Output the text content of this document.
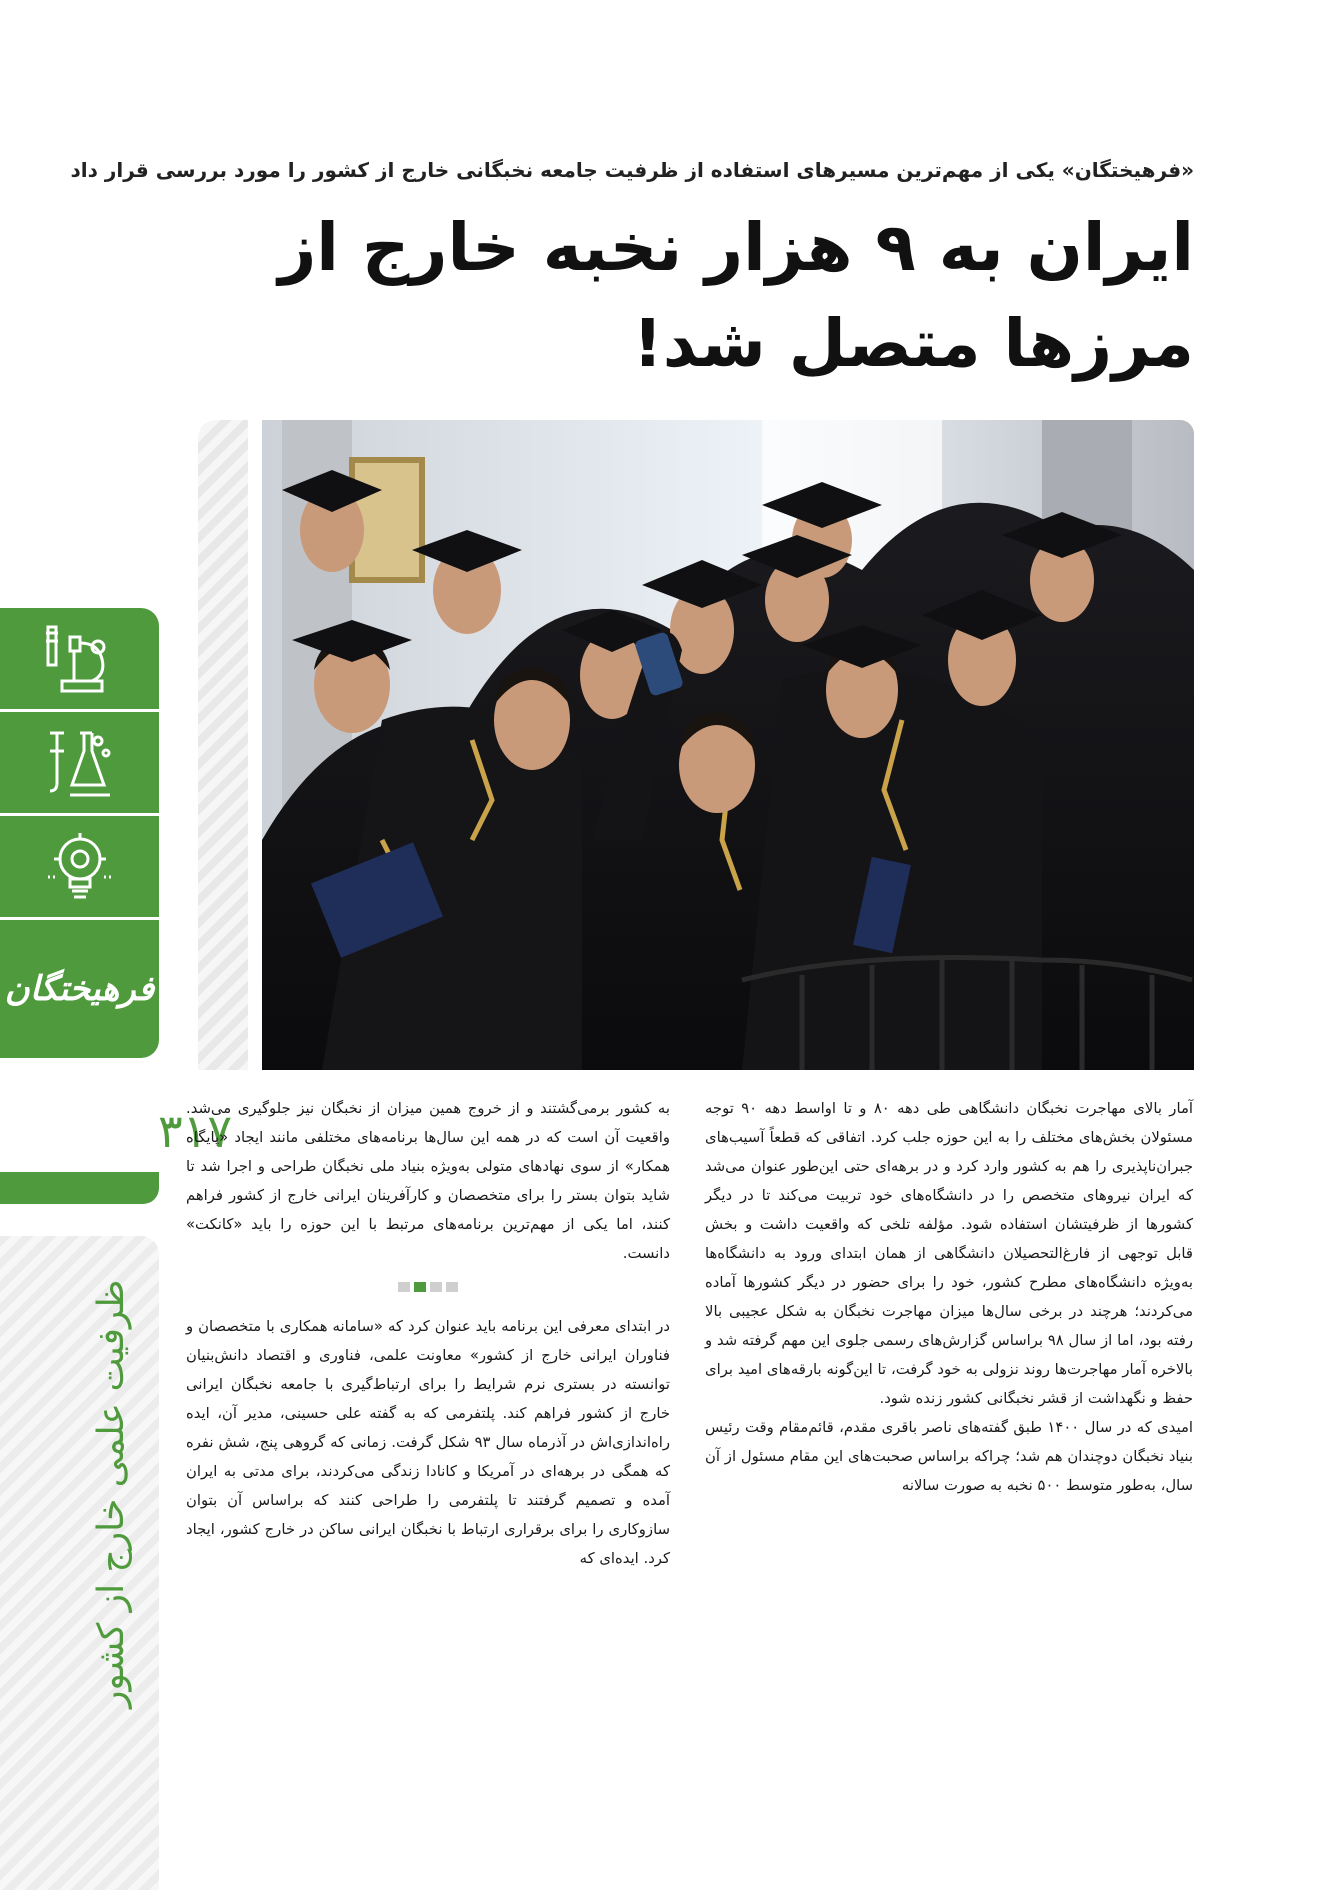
فرهیختگان
۳۱۷
ظرفیت علمی خارج از کشور
«فرهیختگان» یکی از مهم‌ترین مسیرهای استفاده از ظرفیت جامعه نخبگانی خارج از کشور را مورد بررسی قرار داد
ایران به ۹ هزار نخبه خارج از مرزها متصل شد!

آمار بالای مهاجرت نخبگان دانشگاهی طی دهه ۸۰ و تا اواسط دهه ۹۰ توجه مسئولان بخش‌های مختلف را به این حوزه جلب کرد. اتفاقی که قطعاً آسیب‌های جبران‌ناپذیری را هم به کشور وارد کرد و در برهه‌ای حتی این‌طور عنوان می‌شد که ایران نیروهای متخصص را در دانشگاه‌های خود تربیت می‌کند تا در دیگر کشورها از ظرفیتشان استفاده شود. مؤلفه تلخی که واقعیت داشت و بخش قابل توجهی از فارغ‌التحصیلان دانشگاهی از همان ابتدای ورود به دانشگاه‌ها به‌ویژه دانشگاه‌های مطرح کشور، خود را برای حضور در دیگر کشورها آماده می‌کردند؛ هرچند در برخی سال‌ها میزان مهاجرت نخبگان به شکل عجیبی بالا رفته بود، اما از سال ۹۸ براساس گزارش‌های رسمی جلوی این مهم گرفته شد و بالاخره آمار مهاجرت‌ها روند نزولی به خود گرفت، تا این‌گونه بارقه‌های امید برای حفظ و نگهداشت از قشر نخبگانی کشور زنده شود.

امیدی که در سال ۱۴۰۰ طبق گفته‌های ناصر باقری مقدم، قائم‌مقام وقت رئیس بنیاد نخبگان دوچندان هم شد؛ چراکه براساس صحبت‌های این مقام مسئول از آن سال، به‌طور متوسط ۵۰۰ نخبه به صورت سالانه

به کشور برمی‌گشتند و از خروج همین میزان از نخبگان نیز جلوگیری می‌شد. واقعیت آن است که در همه این سال‌ها برنامه‌های مختلفی مانند ایجاد «پایگاه همکار» از سوی نهادهای متولی به‌ویژه بنیاد ملی نخبگان طراحی و اجرا شد تا شاید بتوان بستر را برای متخصصان و کارآفرینان ایرانی خارج از کشور فراهم کنند، اما یکی از مهم‌ترین برنامه‌های مرتبط با این حوزه را باید «کانکت» دانست.

در ابتدای معرفی این برنامه باید عنوان کرد که «سامانه همکاری با متخصصان و فناوران ایرانی خارج از کشور» معاونت علمی، فناوری و اقتصاد دانش‌بنیان توانسته در بستری نرم شرایط را برای ارتباط‌گیری با جامعه نخبگان ایرانی خارج از کشور فراهم کند. پلتفرمی که به گفته علی حسینی، مدیر آن، ایده راه‌اندازی‌اش در آذرماه سال ۹۳ شکل گرفت. زمانی که گروهی پنج، شش نفره که همگی در برهه‌ای در آمریکا و کانادا زندگی می‌کردند، برای مدتی به ایران آمده و تصمیم گرفتند تا پلتفرمی را طراحی کنند که براساس آن بتوان سازوکاری را برای برقراری ارتباط با نخبگان ایرانی ساکن در خارج کشور، ایجاد کرد. ایده‌ای که
